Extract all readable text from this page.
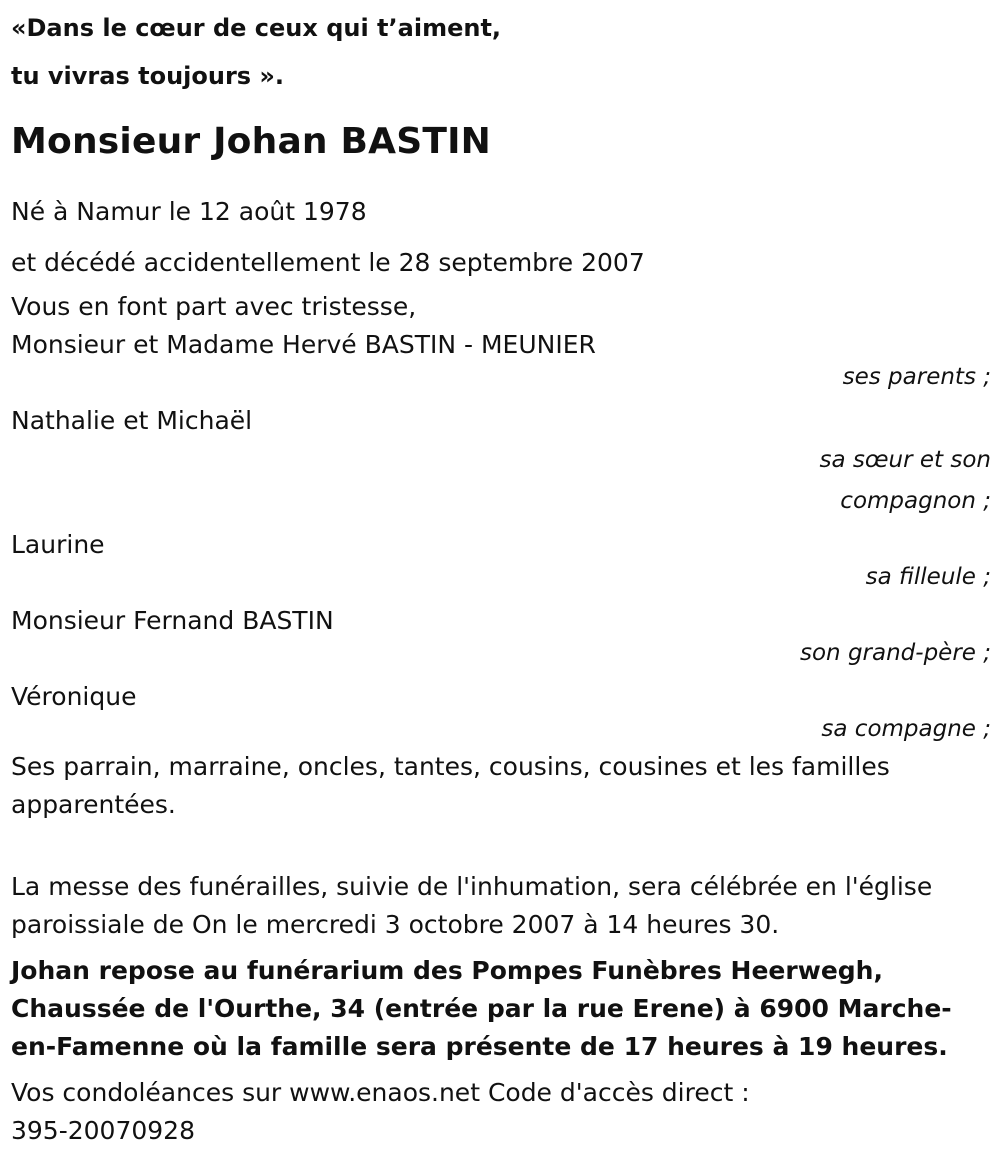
«Dans le cœur de ceux qui t’aiment,
tu vivras toujours ».
Monsieur Johan BASTIN
Né à Namur le 12 août 1978
et décédé accidentellement le 28 septembre 2007
Vous en font part avec tristesse,
Monsieur et Madame Hervé BASTIN - MEUNIER
ses parents ;
Nathalie et Michaël
sa sœur et son
compagnon ;
Laurine
sa filleule ;
Monsieur Fernand BASTIN
son grand-père ;
Véronique
sa compagne ;
Ses parrain, marraine, oncles, tantes, cousins, cousines et les familles apparentées.
La messe des funérailles, suivie de l'inhumation, sera célébrée en l'église paroissiale de On le mercredi 3 octobre 2007 à 14 heures 30.
Johan repose au funérarium des Pompes Funèbres Heerwegh, Chaussée de l'Ourthe, 34 (entrée par la rue Erene) à 6900 Marche-en-Famenne où la famille sera présente de 17 heures à 19 heures.
Vos condoléances sur www.enaos.net Code d'accès direct :
395-20070928
